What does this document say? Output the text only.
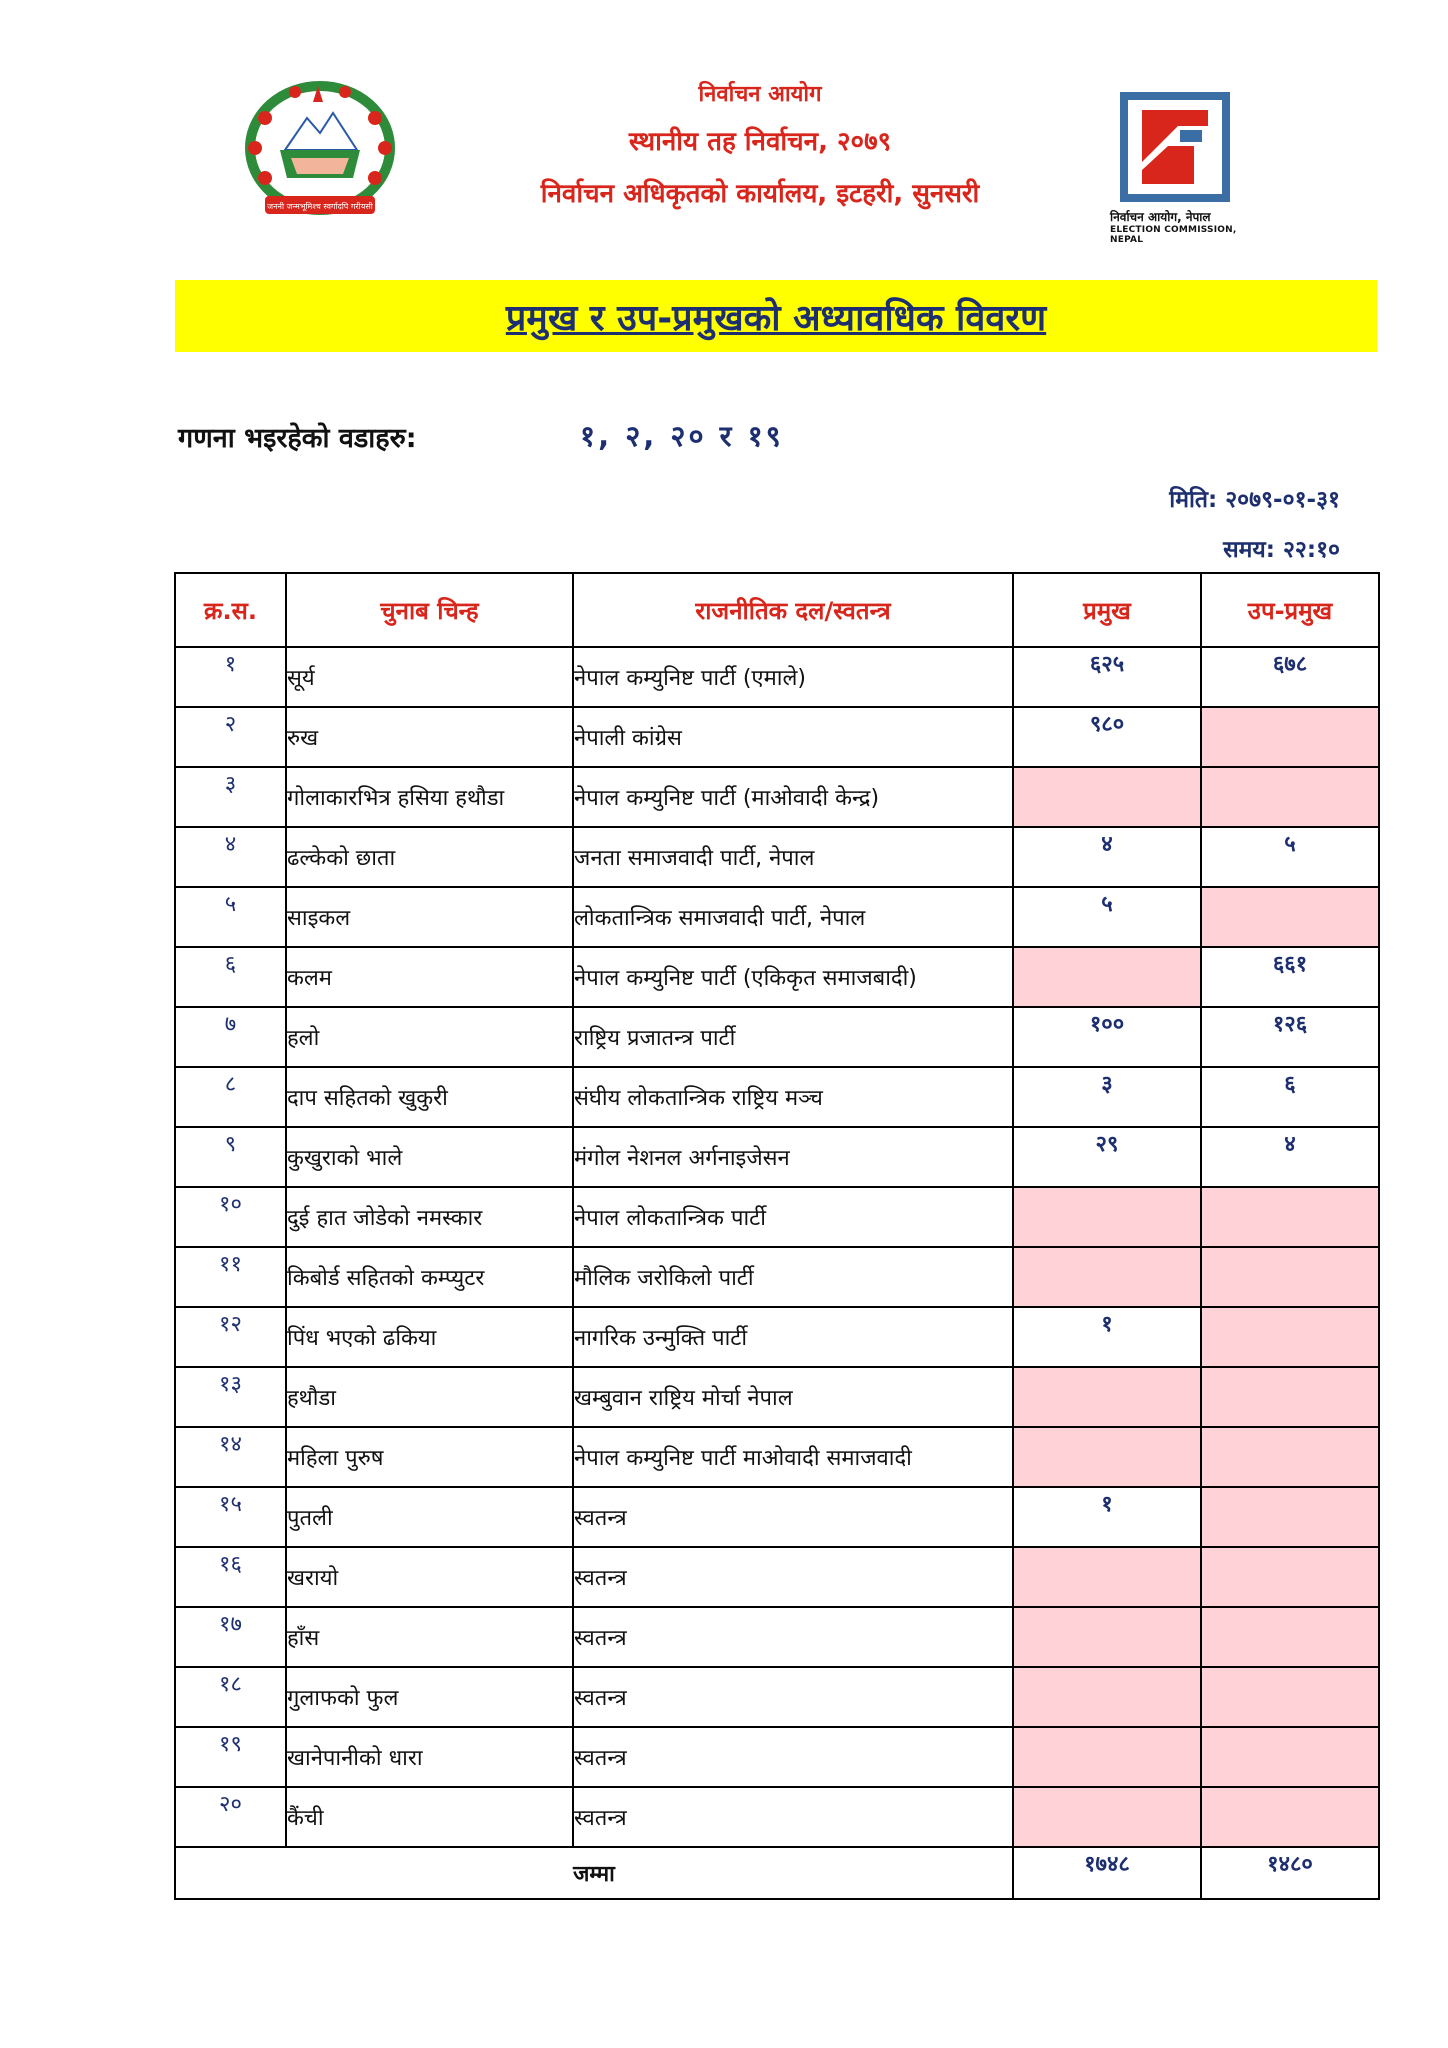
जननी जन्मभूमिश्च स्वर्गादपि गरीयसी
निर्वाचन आयोग
स्थानीय तह निर्वाचन, २०७९
निर्वाचन अधिकृतको कार्यालय, इटहरी, सुनसरी
निर्वाचन आयोग, नेपाल
ELECTION COMMISSION, NEPAL
प्रमुख र उप-प्रमुखको अध्यावधिक विवरण
गणना भइरहेको वडाहरु:	१, २, २० र १९
मिति: २०७९-०१-३१
समय: २२:१०
क्र.स.	चुनाब चिन्ह	राजनीतिक दल/स्वतन्त्र	प्रमुख	उप-प्रमुख
१	सूर्य	नेपाल कम्युनिष्ट पार्टी (एमाले)	६२५	६७८
२	रुख	नेपाली कांग्रेस	९८०	
३	गोलाकारभित्र हसिया हथौडा	नेपाल कम्युनिष्ट पार्टी (माओवादी केन्द्र)		
४	ढल्केको छाता	जनता समाजवादी पार्टी, नेपाल	४	५
५	साइकल	लोकतान्त्रिक समाजवादी पार्टी, नेपाल	५	
६	कलम	नेपाल कम्युनिष्ट पार्टी (एकिकृत समाजबादी)		६६१
७	हलो	राष्ट्रिय प्रजातन्त्र पार्टी	१००	१२६
८	दाप सहितको खुकुरी	संघीय लोकतान्त्रिक राष्ट्रिय मञ्च	३	६
९	कुखुराको भाले	मंगोल नेशनल अर्गनाइजेसन	२९	४
१०	दुई हात जोडेको नमस्कार	नेपाल लोकतान्त्रिक पार्टी		
११	किबोर्ड सहितको कम्प्युटर	मौलिक जरोकिलो पार्टी		
१२	पिंध भएको ढकिया	नागरिक उन्मुक्ति पार्टी	१	
१३	हथौडा	खम्बुवान राष्ट्रिय मोर्चा नेपाल		
१४	महिला पुरुष	नेपाल कम्युनिष्ट पार्टी माओवादी समाजवादी		
१५	पुतली	स्वतन्त्र	१	
१६	खरायो	स्वतन्त्र		
१७	हाँस	स्वतन्त्र		
१८	गुलाफको फुल	स्वतन्त्र		
१९	खानेपानीको धारा	स्वतन्त्र		
२०	कैंची	स्वतन्त्र		
जम्मा			१७४८	१४८०
